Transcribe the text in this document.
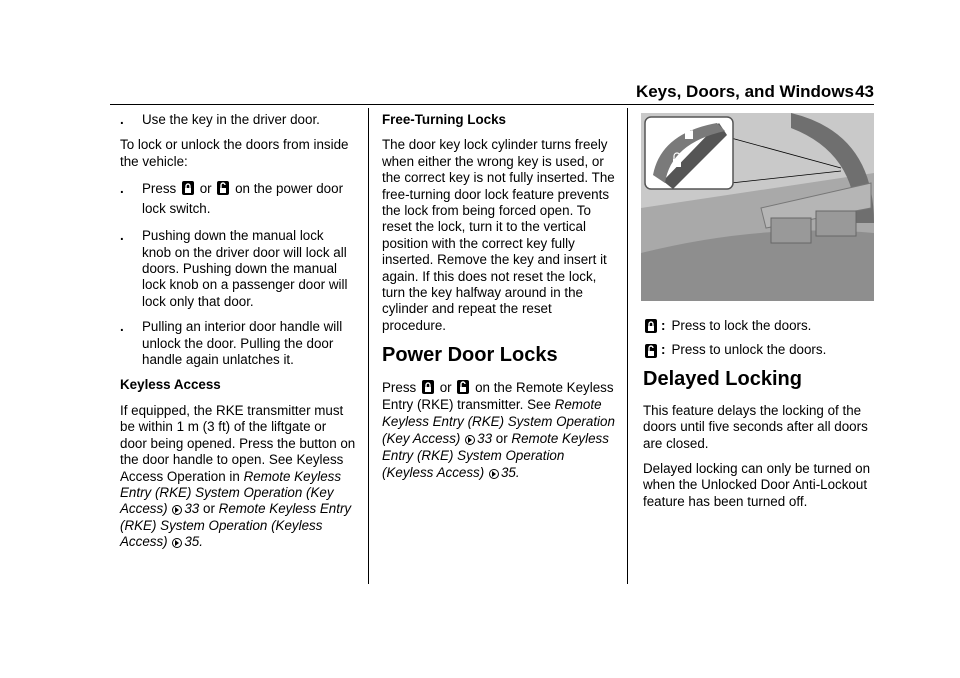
Keys, Doors, and Windows 43
. Use the key in the driver door.

To lock or unlock the doors from inside the vehicle:

. Press or on the power door
lock switch.
. Pushing down the manual lock knob on the driver door will lock all doors. Pushing down the manual lock knob on a passenger door will lock only that door.
. Pulling an interior door handle will unlock the door. Pulling the door handle again unlatches it.
Keyless Access

If equipped, the RKE transmitter must be within 1 m (3 ft) of the liftgate or door being opened. Press the button on the door handle to open. See Keyless Access Operation in Remote Keyless Entry (RKE) System Operation (Key Access) 33 or Remote Keyless Entry (RKE) System Operation (Keyless Access) 35.

Free-Turning Locks

The door key lock cylinder turns freely when either the wrong key is used, or the correct key is not fully inserted. The free-turning door lock feature prevents the lock from being forced open. To reset the lock, turn it to the vertical position with the correct key fully inserted. Remove the key and insert it again. If this does not reset the lock, turn the key halfway around in the cylinder and repeat the reset procedure.

Power Door Locks

Press or on the Remote Keyless Entry (RKE) transmitter. See Remote Keyless Entry (RKE) System Operation (Key Access) 33 or Remote Keyless Entry (RKE) System Operation (Keyless Access) 35.

: Press to lock the doors.
: Press to unlock the doors.
Delayed Locking

This feature delays the locking of the doors until five seconds after all doors are closed.

Delayed locking can only be turned on when the Unlocked Door Anti-Lockout feature has been turned off.
